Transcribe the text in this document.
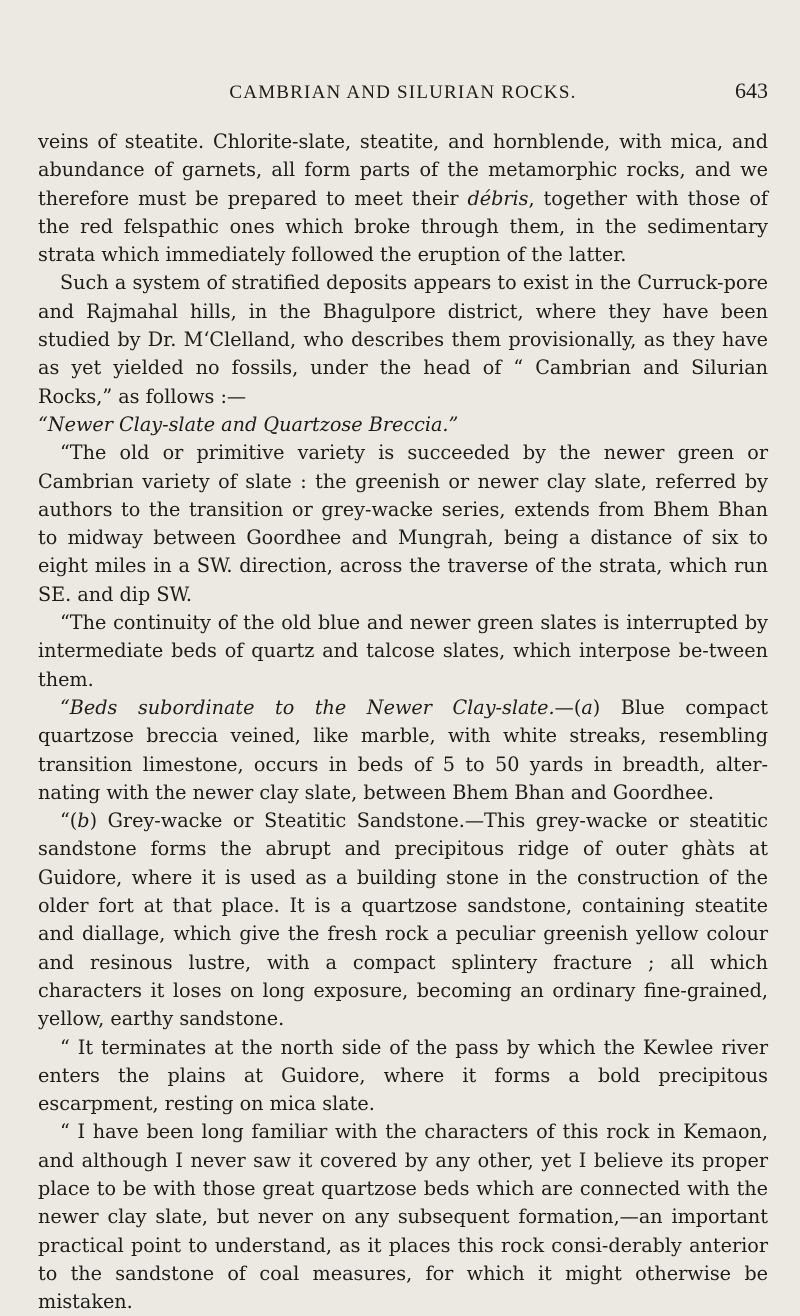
CAMBRIAN AND SILURIAN ROCKS.	643

veins of steatite. Chlorite-slate, steatite, and hornblende, with mica, and abundance of garnets, all form parts of the metamorphic rocks, and we therefore must be prepared to meet their débris, together with those of the red felspathic ones which broke through them, in the sedimentary strata which immediately followed the eruption of the latter.

Such a system of stratified deposits appears to exist in the Curruck-pore and Rajmahal hills, in the Bhagulpore district, where they have been studied by Dr. M‘Clelland, who describes them provisionally, as they have as yet yielded no fossils, under the head of “ Cambrian and Silurian Rocks,” as follows :—

“Newer Clay-slate and Quartzose Breccia.”

“The old or primitive variety is succeeded by the newer green or Cambrian variety of slate : the greenish or newer clay slate, referred by authors to the transition or grey-wacke series, extends from Bhem Bhan to midway between Goordhee and Mungrah, being a distance of six to eight miles in a SW. direction, across the traverse of the strata, which run SE. and dip SW.

“The continuity of the old blue and newer green slates is interrupted by intermediate beds of quartz and talcose slates, which interpose be-tween them.

“Beds subordinate to the Newer Clay-slate.—(a) Blue compact quartzose breccia veined, like marble, with white streaks, resembling transition limestone, occurs in beds of 5 to 50 yards in breadth, alter-nating with the newer clay slate, between Bhem Bhan and Goordhee.

“(b) Grey-wacke or Steatitic Sandstone.—This grey-wacke or steatitic sandstone forms the abrupt and precipitous ridge of outer ghàts at Guidore, where it is used as a building stone in the construction of the older fort at that place. It is a quartzose sandstone, containing steatite and diallage, which give the fresh rock a peculiar greenish yellow colour and resinous lustre, with a compact splintery fracture ; all which characters it loses on long exposure, becoming an ordinary fine-grained, yellow, earthy sandstone.

“ It terminates at the north side of the pass by which the Kewlee river enters the plains at Guidore, where it forms a bold precipitous escarpment, resting on mica slate.

“ I have been long familiar with the characters of this rock in Kemaon, and although I never saw it covered by any other, yet I believe its proper place to be with those great quartzose beds which are connected with the newer clay slate, but never on any subsequent formation,—an important practical point to understand, as it places this rock consi-derably anterior to the sandstone of coal measures, for which it might otherwise be mistaken.
